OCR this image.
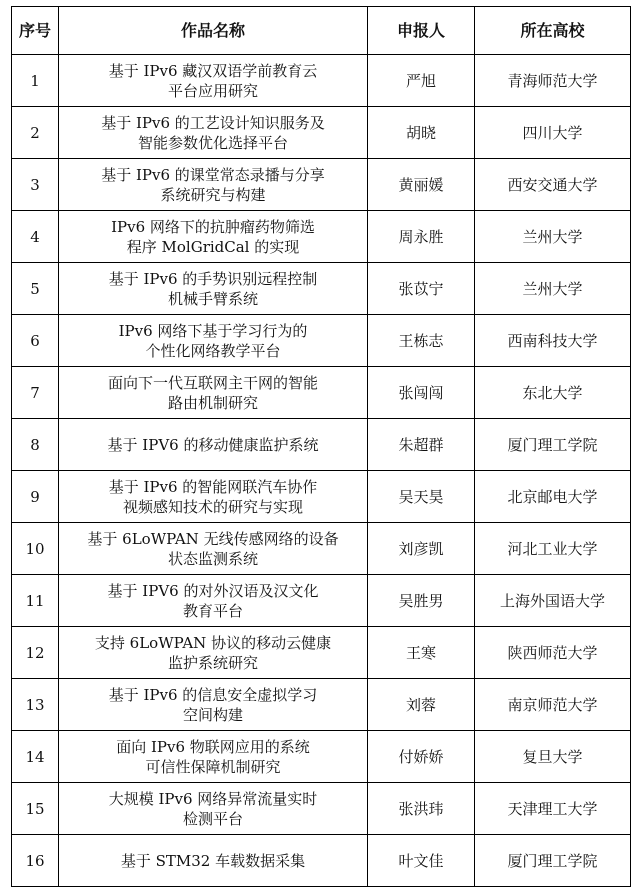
序号	作品名称	申报人	所在高校
1	基于 IPv6 藏汉双语学前教育云
平台应用研究	严旭	青海师范大学
2	基于 IPv6 的工艺设计知识服务及
智能参数优化选择平台	胡晓	四川大学
3	基于 IPv6 的课堂常态录播与分享
系统研究与构建	黄丽媛	西安交通大学
4	IPv6 网络下的抗肿瘤药物筛选
程序 MolGridCal 的实现	周永胜	兰州大学
5	基于 IPv6 的手势识别远程控制
机械手臂系统	张苡宁	兰州大学
6	IPv6 网络下基于学习行为的
个性化网络教学平台	王栋志	西南科技大学
7	面向下一代互联网主干网的智能
路由机制研究	张闯闯	东北大学
8	基于 IPV6 的移动健康监护系统	朱超群	厦门理工学院
9	基于 IPv6 的智能网联汽车协作
视频感知技术的研究与实现	吴天昊	北京邮电大学
10	基于 6LoWPAN 无线传感网络的设备
状态监测系统	刘彦凯	河北工业大学
11	基于 IPV6 的对外汉语及汉文化
教育平台	吴胜男	上海外国语大学
12	支持 6LoWPAN 协议的移动云健康
监护系统研究	王寒	陕西师范大学
13	基于 IPv6 的信息安全虚拟学习
空间构建	刘蓉	南京师范大学
14	面向 IPv6 物联网应用的系统
可信性保障机制研究	付娇娇	复旦大学
15	大规模 IPv6 网络异常流量实时
检测平台	张洪玮	天津理工大学
16	基于 STM32 车载数据采集	叶文佳	厦门理工学院
